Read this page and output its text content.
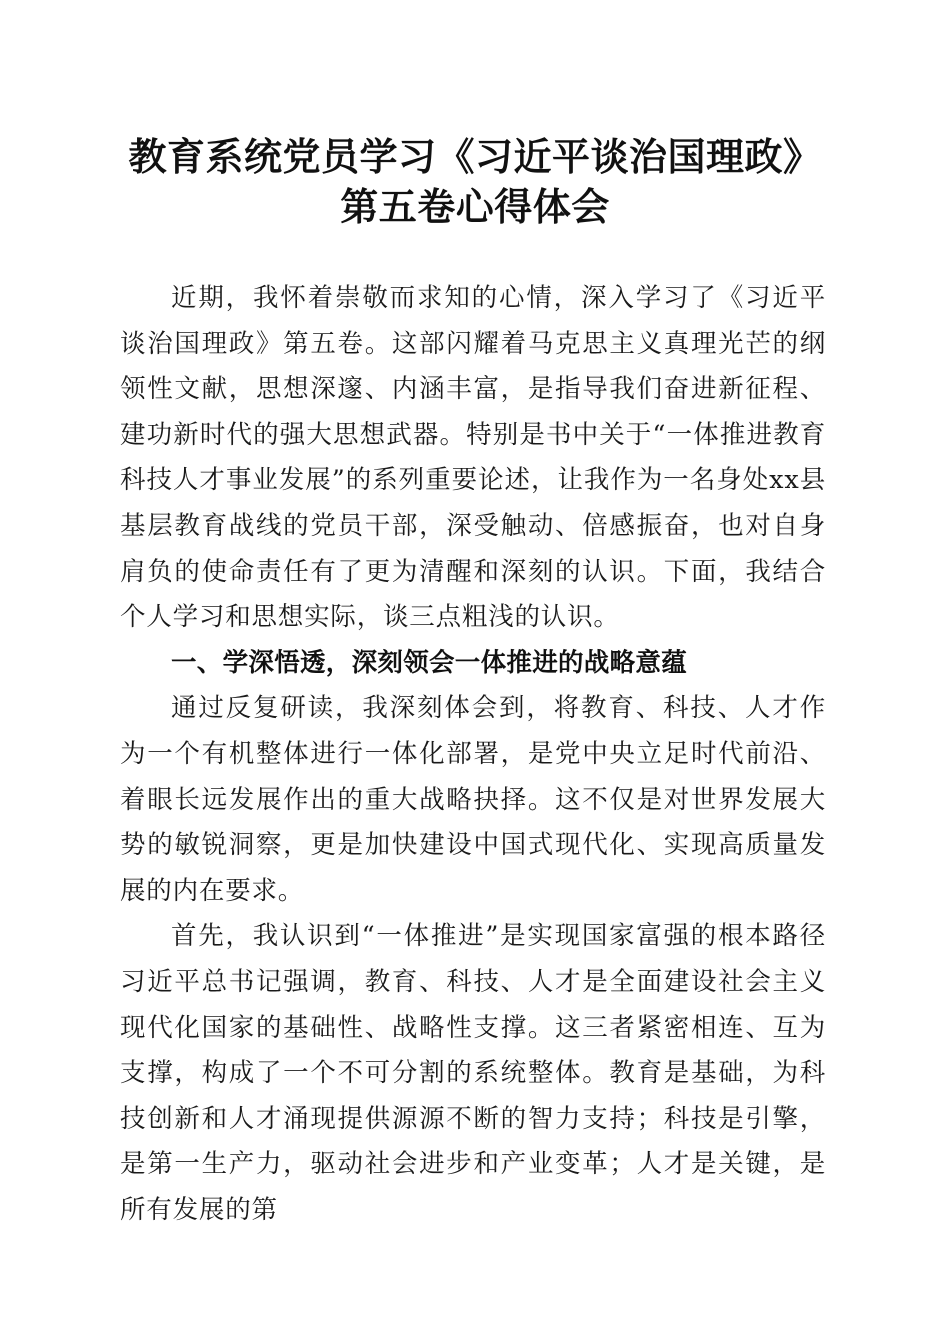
教育系统党员学习《习近平谈治国理政》第五卷心得体会

近期，我怀着崇敬而求知的心情，深入学习了《习近平谈治国理政》第五卷。这部闪耀着马克思主义真理光芒的纲领性文献，思想深邃、内涵丰富，是指导我们奋进新征程、建功新时代的强大思想武器。特别是书中关于“一体推进教育科技人才事业发展”的系列重要论述，让我作为一名身处xx县基层教育战线的党员干部，深受触动、倍感振奋，也对自身肩负的使命责任有了更为清醒和深刻的认识。下面，我结合个人学习和思想实际，谈三点粗浅的认识。

一、学深悟透，深刻领会一体推进的战略意蕴

通过反复研读，我深刻体会到，将教育、科技、人才作为一个有机整体进行一体化部署，是党中央立足时代前沿、着眼长远发展作出的重大战略抉择。这不仅是对世界发展大势的敏锐洞察，更是加快建设中国式现代化、实现高质量发展的内在要求。

首先，我认识到“一体推进”是实现国家富强的根本路径习近平总书记强调，教育、科技、人才是全面建设社会主义现代化国家的基础性、战略性支撑。这三者紧密相连、互为支撑，构成了一个不可分割的系统整体。教育是基础，为科技创新和人才涌现提供源源不断的智力支持；科技是引擎，是第一生产力，驱动社会进步和产业变革；人才是关键，是所有发展的第
